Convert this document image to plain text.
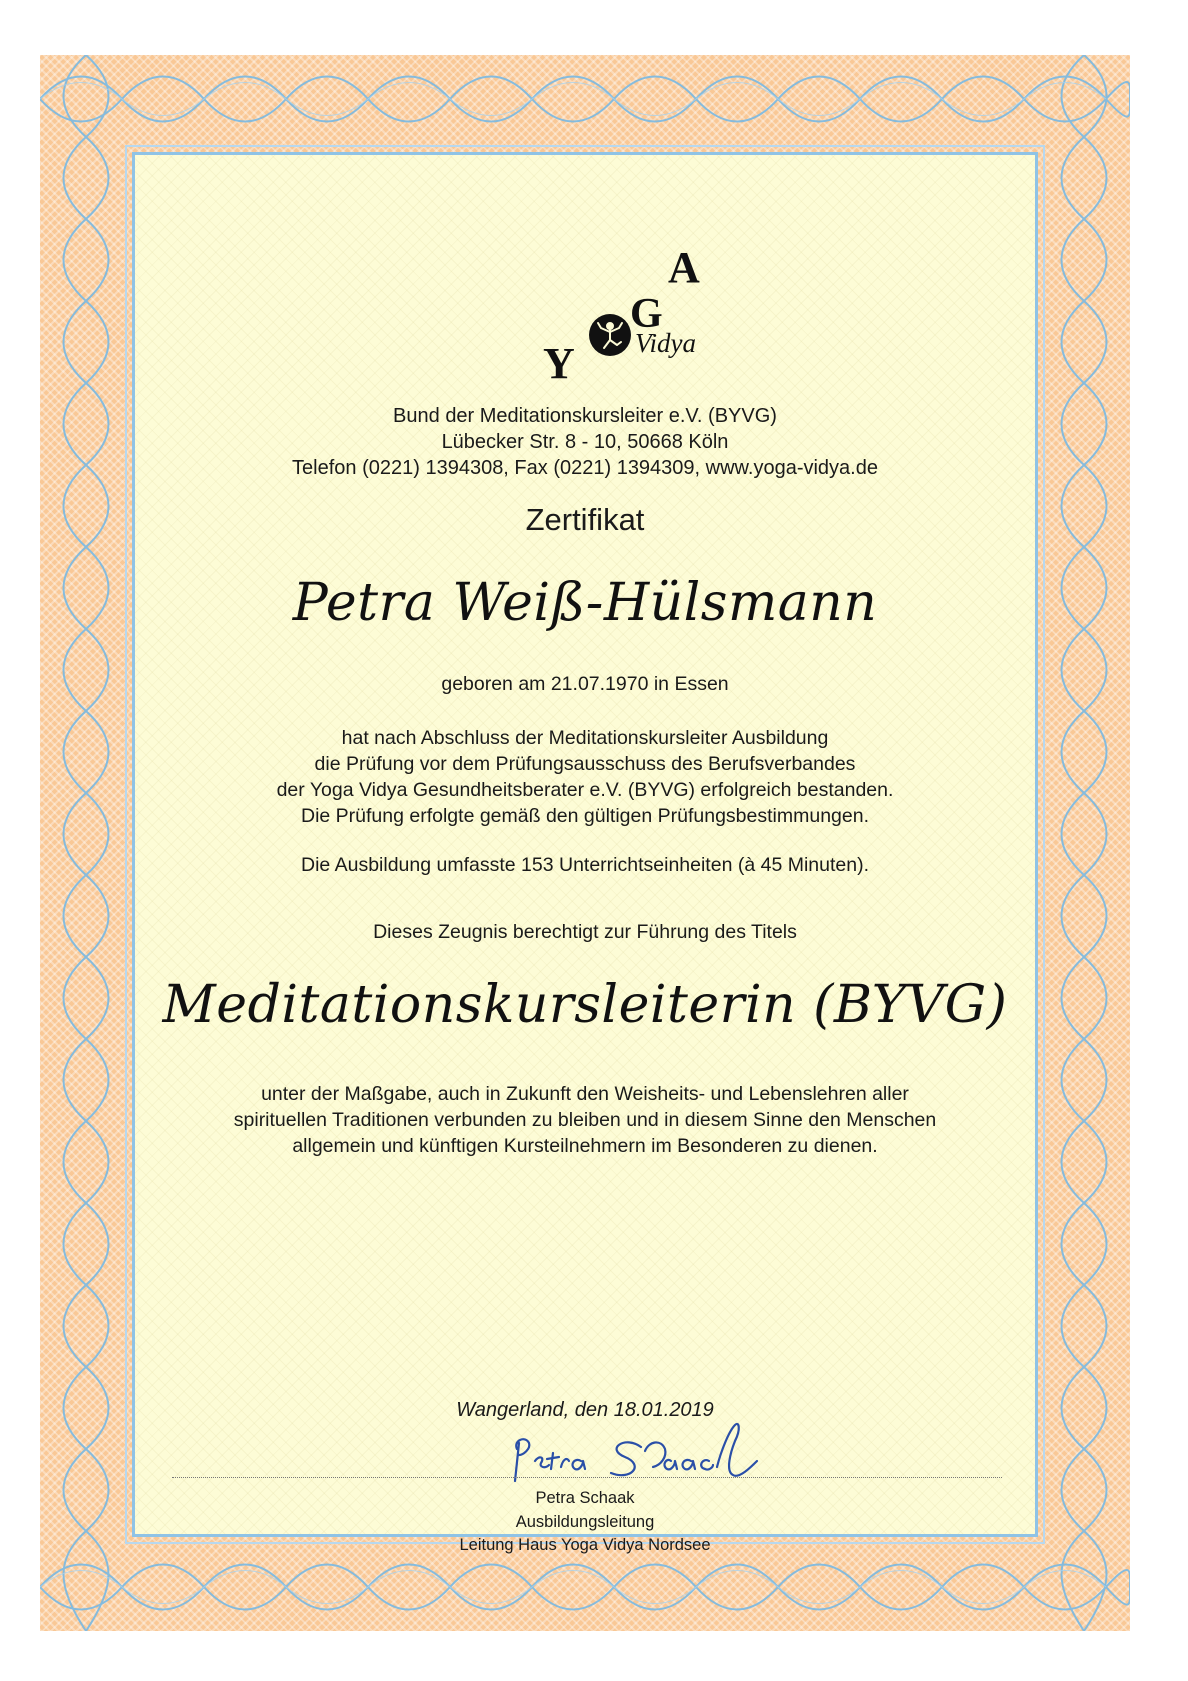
Y
G
A
Vidya
Bund der Meditationskursleiter e.V. (BYVG)
Lübecker Str. 8 - 10, 50668 Köln
Telefon (0221) 1394308, Fax (0221) 1394309, www.yoga-vidya.de
Zertifikat
Petra Weiß-Hülsmann
geboren am 21.07.1970 in Essen
hat nach Abschluss der Meditationskursleiter Ausbildung
die Prüfung vor dem Prüfungsausschuss des Berufsverbandes
der Yoga Vidya Gesundheitsberater e.V. (BYVG) erfolgreich bestanden.
Die Prüfung erfolgte gemäß den gültigen Prüfungsbestimmungen.
Die Ausbildung umfasste 153 Unterrichtseinheiten (à 45 Minuten).
Dieses Zeugnis berechtigt zur Führung des Titels
Meditationskursleiterin (BYVG)
unter der Maßgabe, auch in Zukunft den Weisheits- und Lebenslehren aller
spirituellen Traditionen verbunden zu bleiben und in diesem Sinne den Menschen
allgemein und künftigen Kursteilnehmern im Besonderen zu dienen.
Wangerland, den 18.01.2019
Petra Schaak
Ausbildungsleitung
Leitung Haus Yoga Vidya Nordsee
